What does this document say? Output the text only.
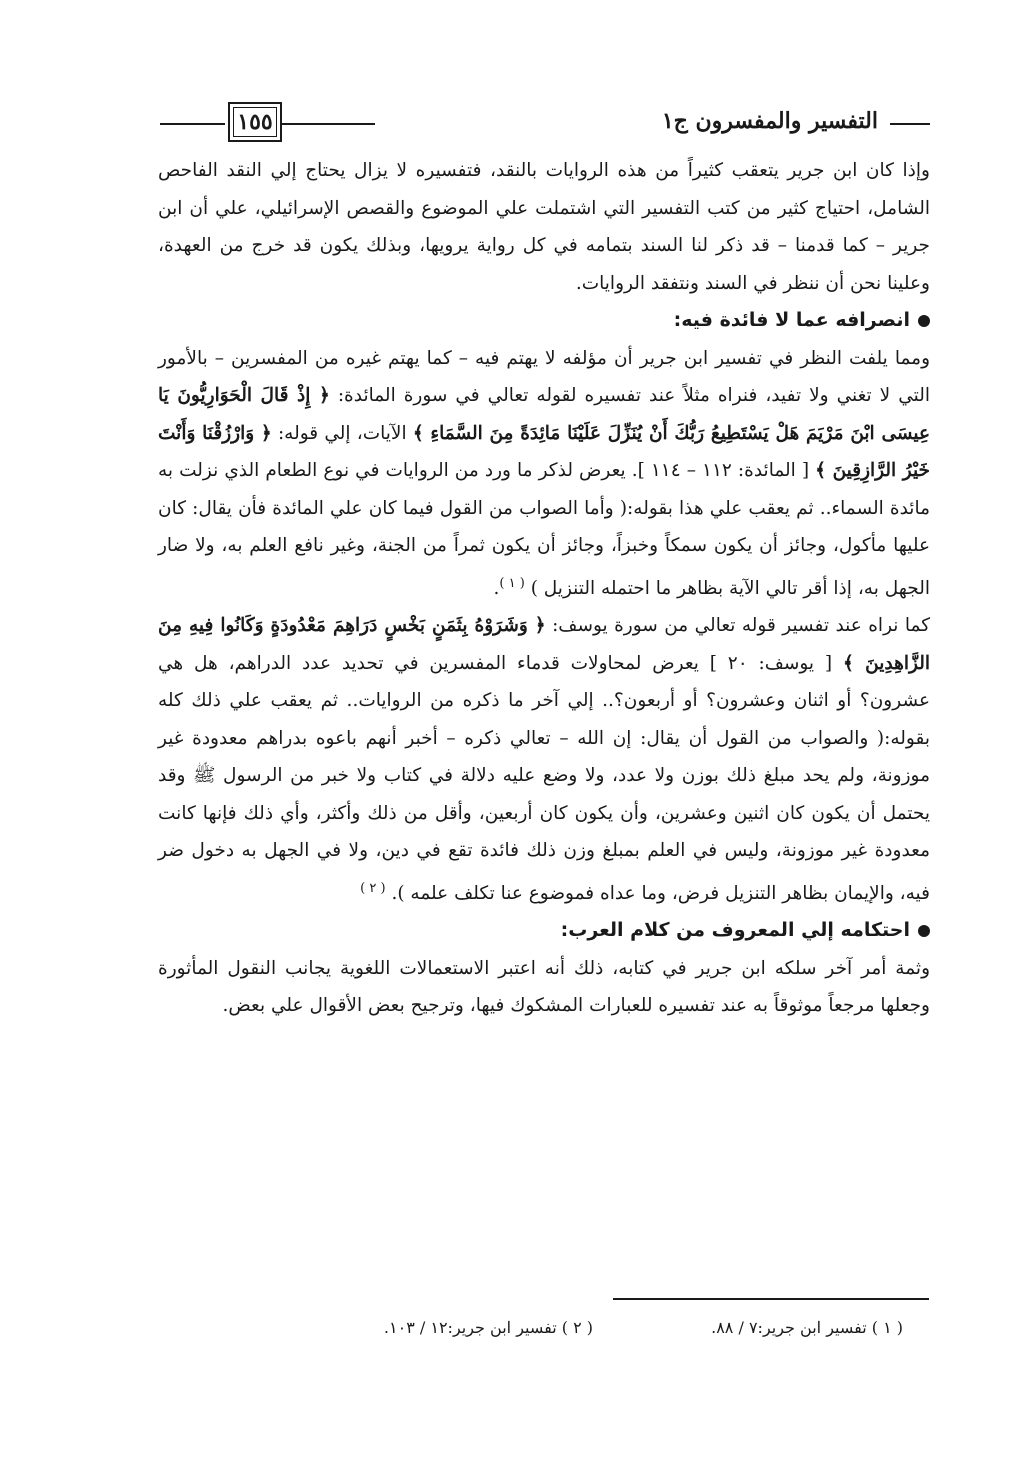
التفسير والمفسرون ج١
١٥٥

وإذا كان ابن جرير يتعقب كثيراً من هذه الروايات بالنقد، فتفسيره لا يزال يحتاج إلي النقد الفاحص الشامل، احتياج كثير من كتب التفسير التي اشتملت علي الموضوع والقصص الإسرائيلي، علي أن ابن جرير – كما قدمنا – قد ذكر لنا السند بتمامه في كل رواية يرويها، وبذلك يكون قد خرج من العهدة، وعلينا نحن أن ننظر في السند ونتفقد الروايات.

انصرافه عما لا فائدة فيه:

ومما يلفت النظر في تفسير ابن جرير أن مؤلفه لا يهتم فيه – كما يهتم غيره من المفسرين – بالأمور التي لا تغني ولا تفيد، فنراه مثلاً عند تفسيره لقوله تعالي في سورة المائدة: ﴿ إِذْ قَالَ الْحَوَارِيُّونَ يَا عِيسَى ابْنَ مَرْيَمَ هَلْ يَسْتَطِيعُ رَبُّكَ أَنْ يُنَزِّلَ عَلَيْنَا مَائِدَةً مِنَ السَّمَاءِ ﴾ الآيات، إلي قوله: ﴿ وَارْزُقْنَا وَأَنْتَ خَيْرُ الرَّازِقِينَ ﴾ [ المائدة: ١١٢ – ١١٤ ]. يعرض لذكر ما ورد من الروايات في نوع الطعام الذي نزلت به مائدة السماء.. ثم يعقب علي هذا بقوله:( وأما الصواب من القول فيما كان علي المائدة فأن يقال: كان عليها مأكول، وجائز أن يكون سمكاً وخبزاً، وجائز أن يكون ثمراً من الجنة، وغير نافع العلم به، ولا ضار الجهل به، إذا أقر تالي الآية بظاهر ما احتمله التنزيل ) $^{( ١ )}$.

كما نراه عند تفسير قوله تعالي من سورة يوسف: ﴿ وَشَرَوْهُ بِثَمَنٍ بَخْسٍ دَرَاهِمَ مَعْدُودَةٍ وَكَانُوا فِيهِ مِنَ الزَّاهِدِينَ ﴾ [ يوسف: ٢٠ ] يعرض لمحاولات قدماء المفسرين في تحديد عدد الدراهم، هل هي عشرون؟ أو اثنان وعشرون؟ أو أربعون؟.. إلي آخر ما ذكره من الروايات.. ثم يعقب علي ذلك كله بقوله:( والصواب من القول أن يقال: إن الله – تعالي ذكره – أخبر أنهم باعوه بدراهم معدودة غير موزونة، ولم يحد مبلغ ذلك بوزن ولا عدد، ولا وضع عليه دلالة في كتاب ولا خبر من الرسول ﷺ وقد يحتمل أن يكون كان اثنين وعشرين، وأن يكون كان أربعين، وأقل من ذلك وأكثر، وأي ذلك فإنها كانت معدودة غير موزونة، وليس في العلم بمبلغ وزن ذلك فائدة تقع في دين، ولا في الجهل به دخول ضر فيه، والإيمان بظاهر التنزيل فرض، وما عداه فموضوع عنا تكلف علمه ). $^{( ٢ )}$

احتكامه إلي المعروف من كلام العرب:

وثمة أمر آخر سلكه ابن جرير في كتابه، ذلك أنه اعتبر الاستعمالات اللغوية يجانب النقول المأثورة وجعلها مرجعاً موثوقاً به عند تفسيره للعبارات المشكوك فيها، وترجيح بعض الأقوال علي بعض.

( ١ ) تفسير ابن جرير:٧ / ٨٨.
( ٢ ) تفسير ابن جرير:١٢ / ١٠٣.
